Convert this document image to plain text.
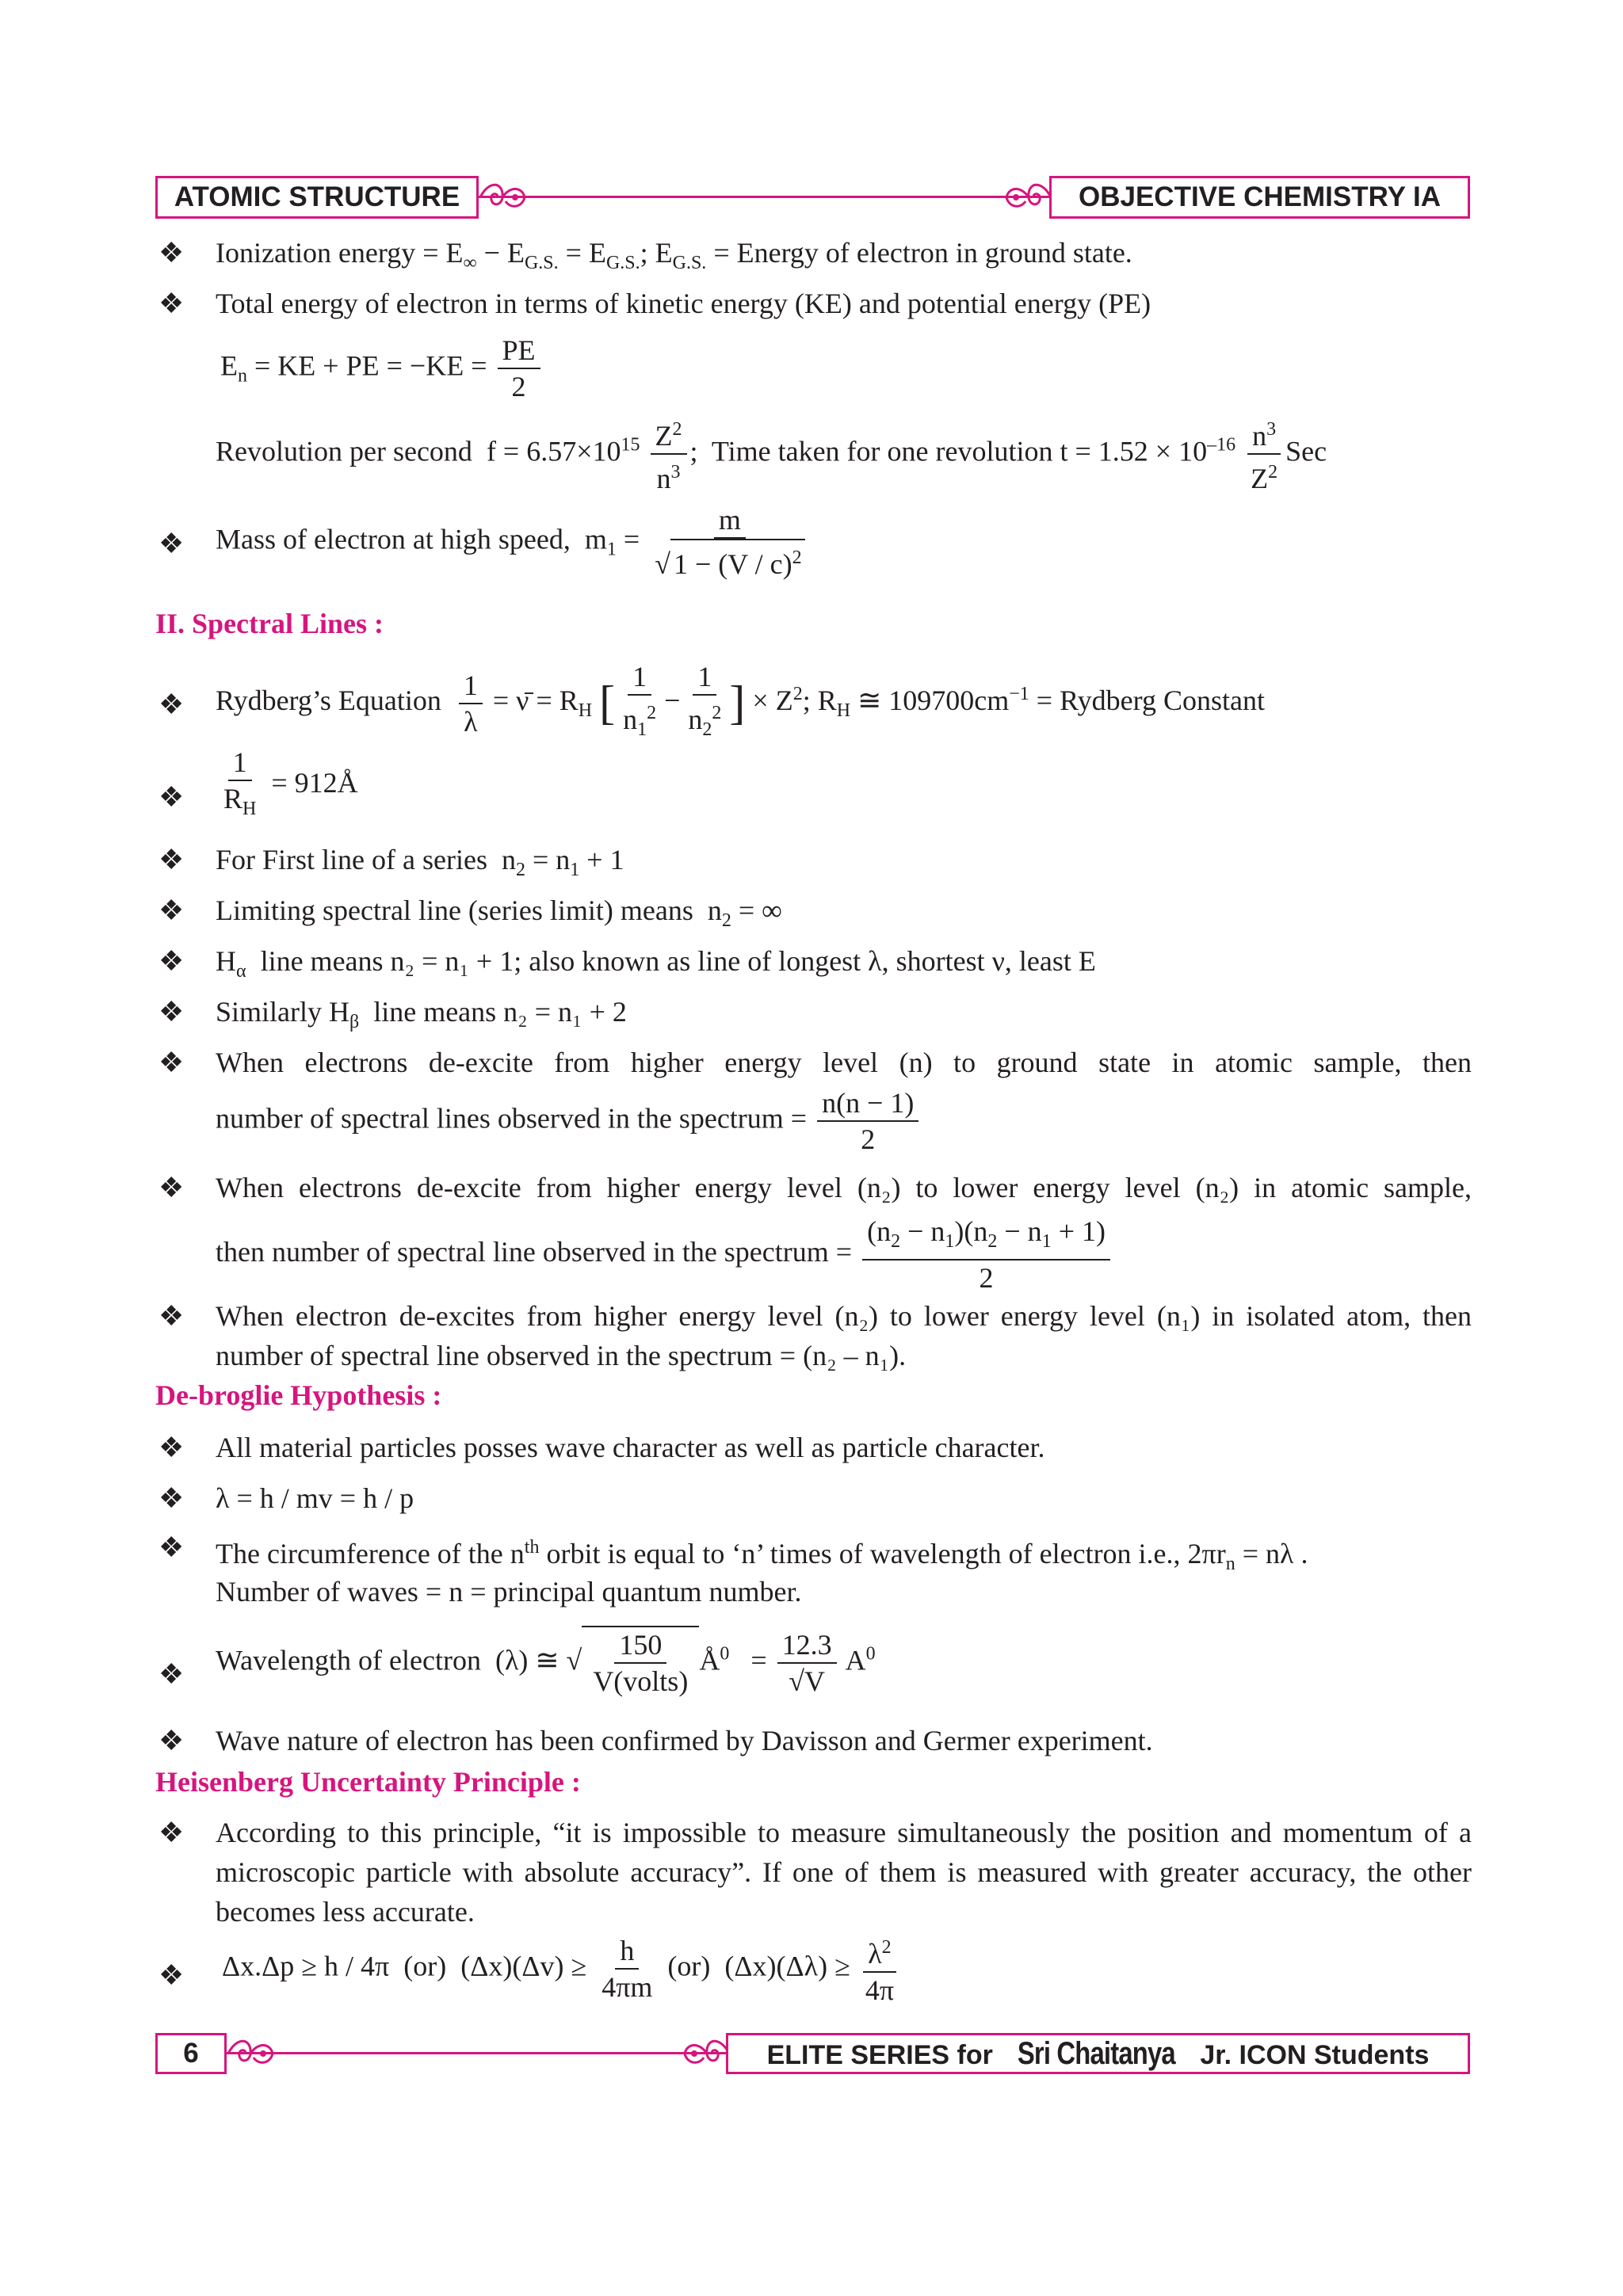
ATOMIC STRUCTURE	OBJECTIVE CHEMISTRY IA
❖ Ionization energy = $E_\infty - E_{G.S.} = E_{G.S.}$; $E_{G.S.}$ = Energy of electron in ground state.
❖ Total energy of electron in terms of kinetic energy (KE) and potential energy (PE)
$E_n$ = KE + PE = $-KE = \frac{PE}{2}$
Revolution per second  $f = 6.57\times 10^{15} \frac{Z^2}{n^3}$ ;  Time taken for one revolution $t = 1.52 \times 10^{-16} \frac{n^3}{Z^2}$ Sec
❖ Mass of electron at high speed,  $m_1 = \frac{m}{√ 1 - (V / c)^2}$
II. Spectral Lines :
❖ Rydberg’s Equation $\frac{1}{\lambda}$ = ν̄ = $R_H$ [ $\frac{1}{n_1^2} - \frac{1}{n_2^2}$ ] × $Z^2$; $R_H$ ≅ $109700cm^{-1}$ = Rydberg Constant
❖ $\frac{1}{R_H}$ = 912Å
❖ For First line of a series  $n_2 = n_1 + 1$
❖ Limiting spectral line (series limit) means  $n_2$ = ∞
❖ $H_\alpha$ line means n₂ = n₁ + 1; also known as line of longest λ, shortest ν, least E
❖ Similarly $H_\beta$ line means n₂ = n₁ + 2
❖ When electrons de-excite from higher energy level (n) to ground state in atomic sample, then
number of spectral lines observed in the spectrum = $\frac{n(n - 1)}{2}$
❖ When electrons de-excite from higher energy level (n₂) to lower energy level (n₂) in atomic sample,
then number of spectral line observed in the spectrum = $\frac{(n_2 - n_1)(n_2 - n_1 + 1)}{2}$
❖ When electron de-excites from higher energy level (n₂) to lower energy level (n₁) in isolated atom, then number of spectral line observed in the spectrum = (n₂ – n₁).
De-broglie Hypothesis :
❖ All material particles posses wave character as well as particle character.
❖ λ = h / mv = h / p
❖ The circumference of the $n^{th}$ orbit is equal to ‘n’ times of wavelength of electron i.e., $2\pi r_n = n\lambda$ .
Number of waves = n = principal quantum number.
❖ Wavelength of electron  (λ) ≅ √ $\frac{150}{\text{V(volts)}}$ $Å^0 = \frac{12.3}{√V} A^0$
❖ Wave nature of electron has been confirmed by Davisson and Germer experiment.
Heisenberg Uncertainty Principle :
❖ According to this principle, “it is impossible to measure simultaneously the position and momentum of a microscopic particle with absolute accuracy”. If one of them is measured with greater accuracy, the other becomes less accurate.
❖ Δx.Δp ≥ h / 4π  (or)  $(\Delta x)(\Delta v) \ge \frac{h}{4\pi m} (or) (\Delta x)(\Delta\lambda) \ge \frac{\lambda^2}{4\pi}$
6	ELITE SERIES for Sri Chaitanya Jr. ICON Students
